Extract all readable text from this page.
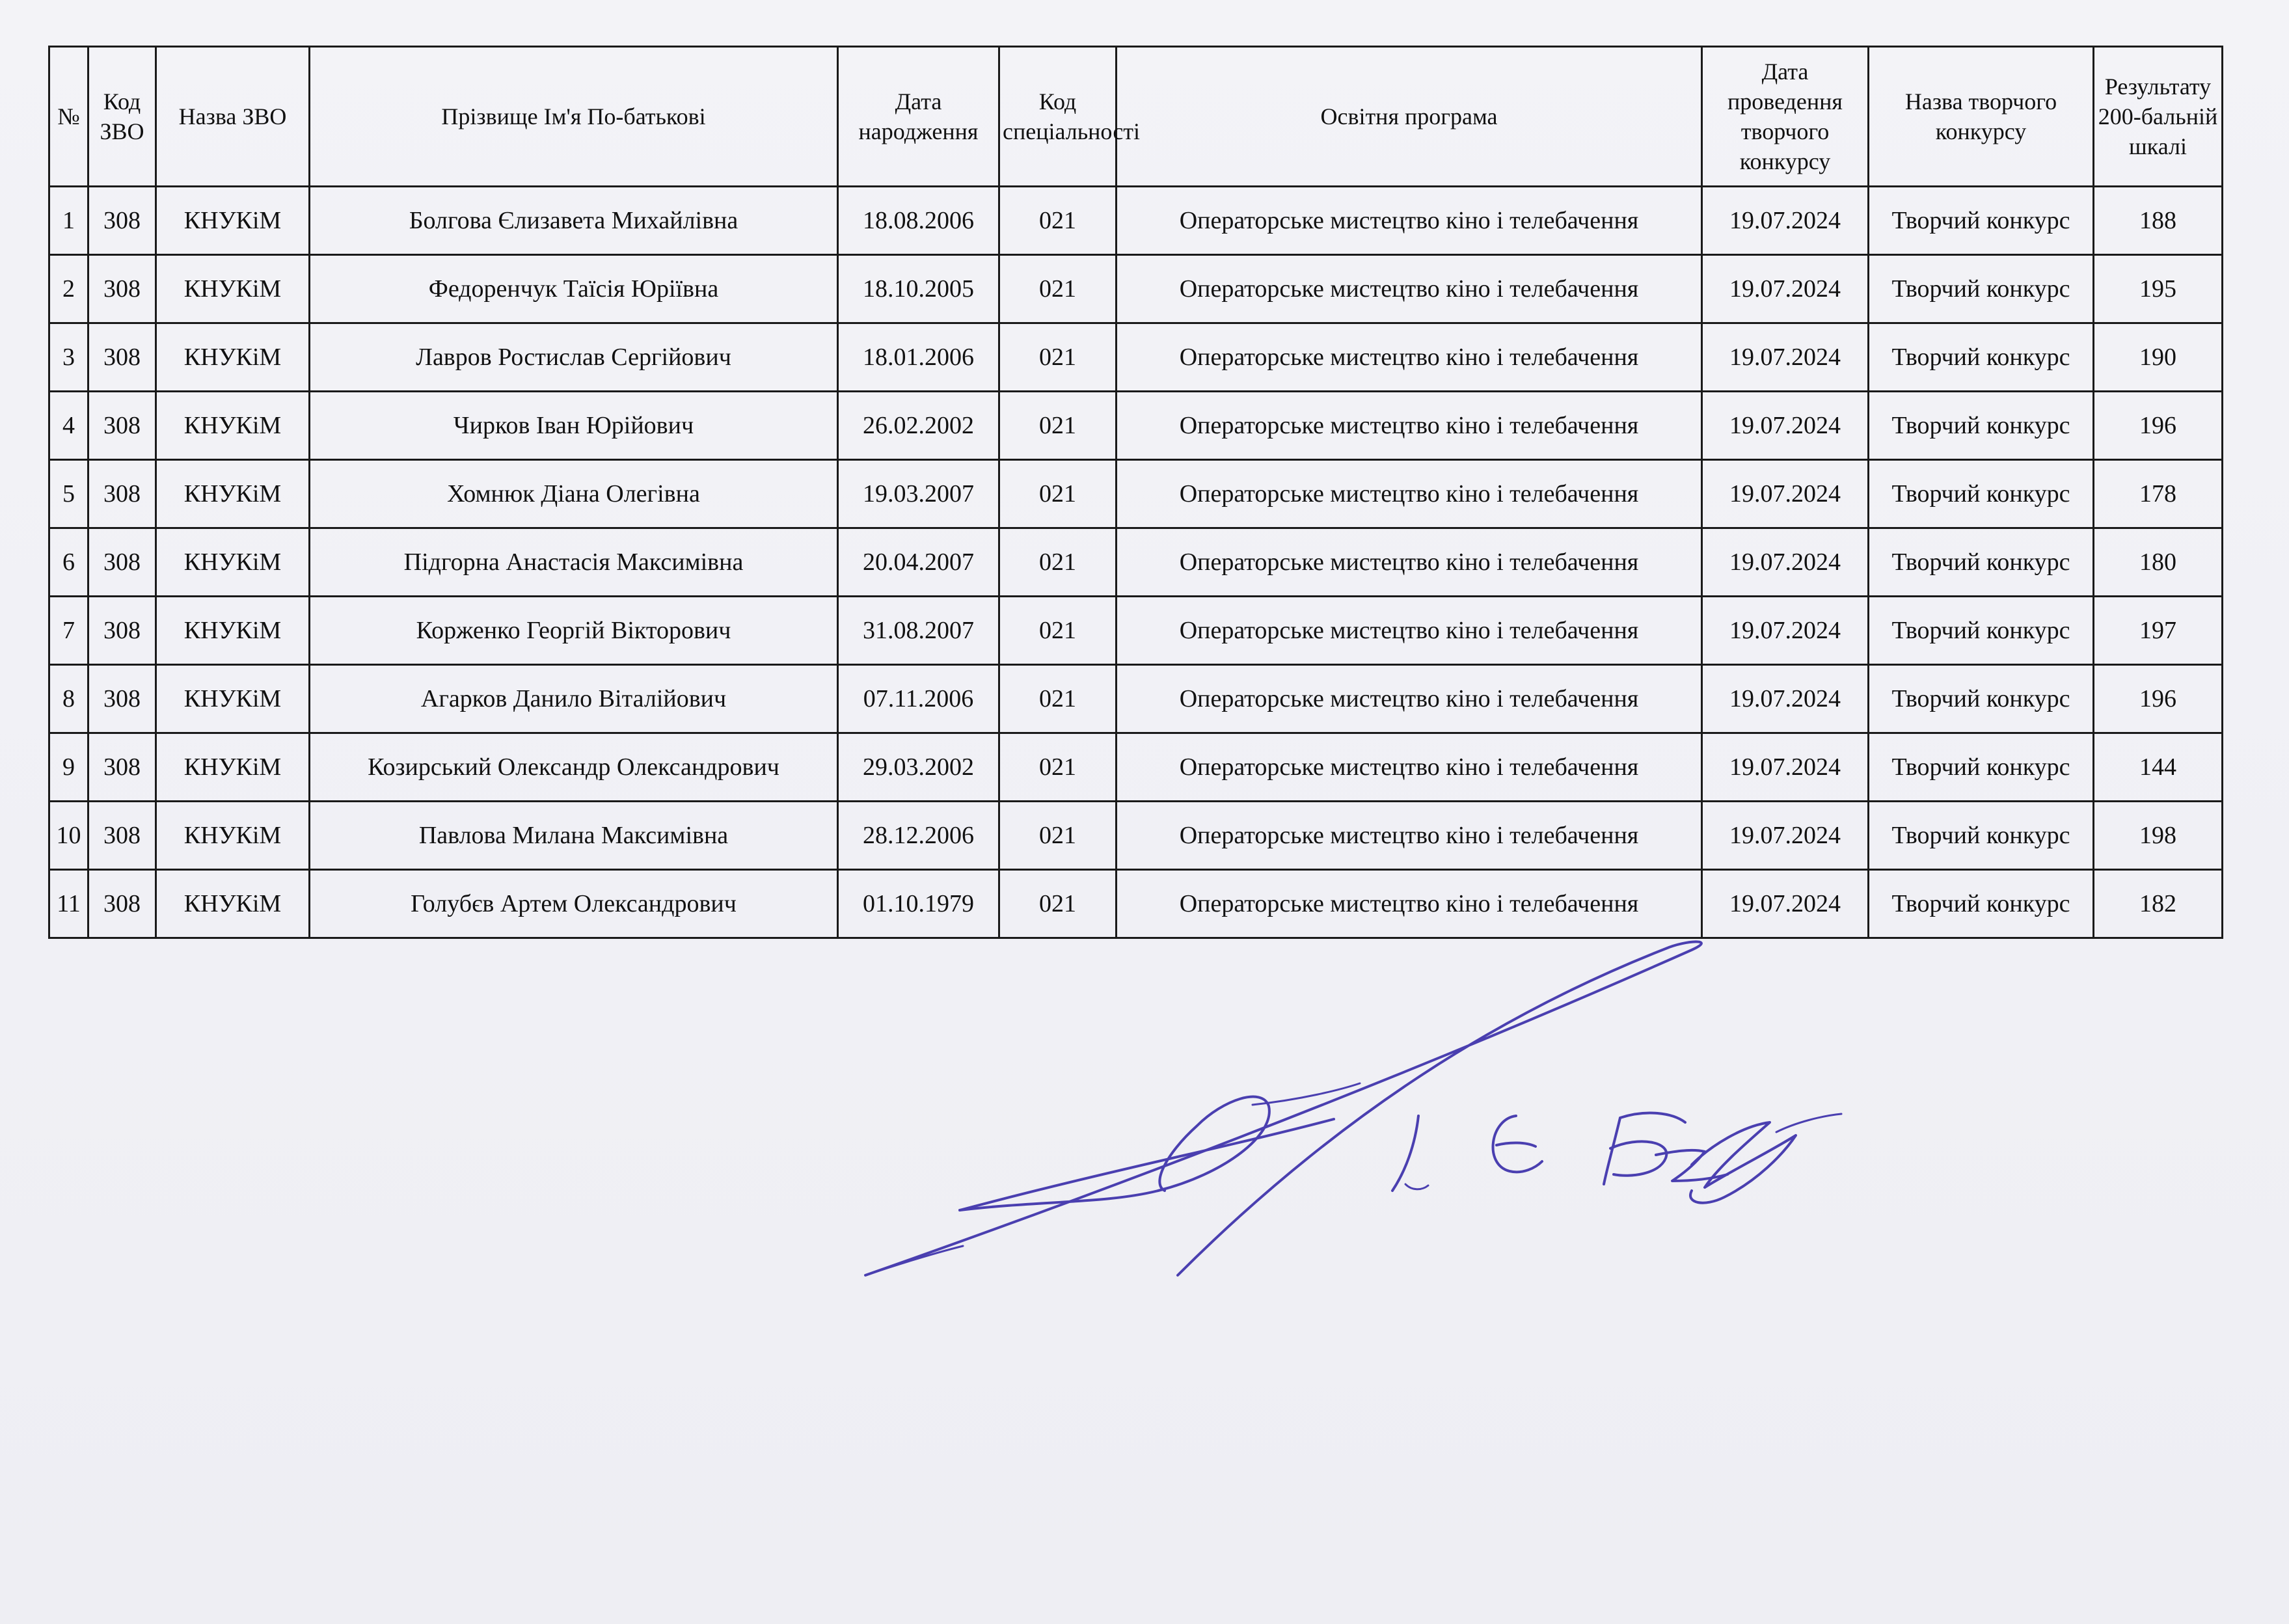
№	Код ЗВО	Назва ЗВО	Прізвище Ім'я По-батькові	Дата народження	Код спеціальності	Освітня програма	Дата проведення творчого конкурсу	Назва творчого конкурсу	Результату 200-бальній шкалі
1	308	КНУКіМ	Болгова Єлизавета Михайлівна	18.08.2006	021	Операторське мистецтво кіно і телебачення	19.07.2024	Творчий конкурс	188
2	308	КНУКіМ	Федоренчук Таїсія Юріївна	18.10.2005	021	Операторське мистецтво кіно і телебачення	19.07.2024	Творчий конкурс	195
3	308	КНУКіМ	Лавров Ростислав Сергійович	18.01.2006	021	Операторське мистецтво кіно і телебачення	19.07.2024	Творчий конкурс	190
4	308	КНУКіМ	Чирков Іван Юрійович	26.02.2002	021	Операторське мистецтво кіно і телебачення	19.07.2024	Творчий конкурс	196
5	308	КНУКіМ	Хомнюк Діана Олегівна	19.03.2007	021	Операторське мистецтво кіно і телебачення	19.07.2024	Творчий конкурс	178
6	308	КНУКіМ	Підгорна Анастасія Максимівна	20.04.2007	021	Операторське мистецтво кіно і телебачення	19.07.2024	Творчий конкурс	180
7	308	КНУКіМ	Корженко Георгій Вікторович	31.08.2007	021	Операторське мистецтво кіно і телебачення	19.07.2024	Творчий конкурс	197
8	308	КНУКіМ	Агарков Данило Віталійович	07.11.2006	021	Операторське мистецтво кіно і телебачення	19.07.2024	Творчий конкурс	196
9	308	КНУКіМ	Козирський Олександр Олександрович	29.03.2002	021	Операторське мистецтво кіно і телебачення	19.07.2024	Творчий конкурс	144
10	308	КНУКіМ	Павлова Милана Максимівна	28.12.2006	021	Операторське мистецтво кіно і телебачення	19.07.2024	Творчий конкурс	198
11	308	КНУКіМ	Голубєв Артем Олександрович	01.10.1979	021	Операторське мистецтво кіно і телебачення	19.07.2024	Творчий конкурс	182
